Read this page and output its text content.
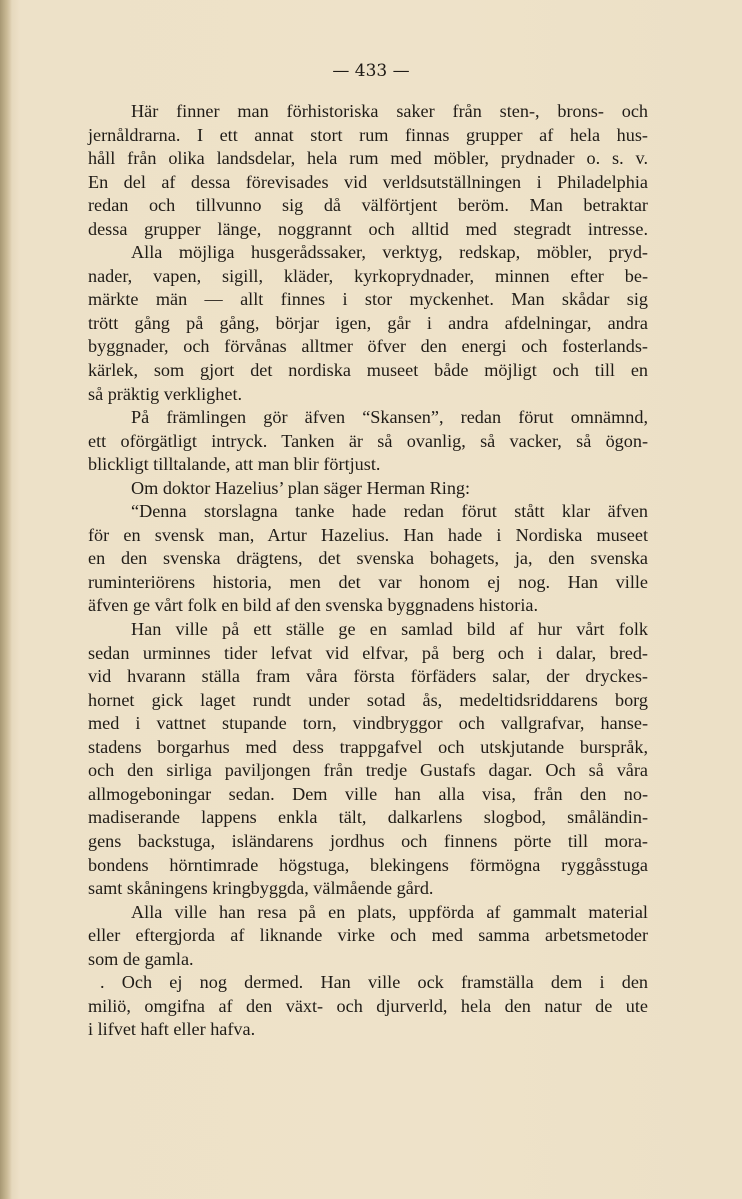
— 433 —
Här finner man förhistoriska saker från sten-, brons- och
jernåldrarna. I ett annat stort rum finnas grupper af hela hus-
håll från olika landsdelar, hela rum med möbler, prydnader o. s. v.
En del af dessa förevisades vid verldsutställningen i Philadelphia
redan och tillvunno sig då välförtjent beröm. Man betraktar
dessa grupper länge, noggrannt och alltid med stegradt intresse.
Alla möjliga husgerådssaker, verktyg, redskap, möbler, pryd-
nader, vapen, sigill, kläder, kyrkoprydnader, minnen efter be-
märkte män — allt finnes i stor myckenhet. Man skådar sig
trött gång på gång, börjar igen, går i andra afdelningar, andra
byggnader, och förvånas alltmer öfver den energi och fosterlands-
kärlek, som gjort det nordiska museet både möjligt och till en
så präktig verklighet.
På främlingen gör äfven “Skansen”, redan förut omnämnd,
ett oförgätligt intryck. Tanken är så ovanlig, så vacker, så ögon-
blickligt tilltalande, att man blir förtjust.
Om doktor Hazelius’ plan säger Herman Ring:
“Denna storslagna tanke hade redan förut stått klar äfven
för en svensk man, Artur Hazelius. Han hade i Nordiska museet
en den svenska drägtens, det svenska bohagets, ja, den svenska
ruminteriörens historia, men det var honom ej nog. Han ville
äfven ge vårt folk en bild af den svenska byggnadens historia.
Han ville på ett ställe ge en samlad bild af hur vårt folk
sedan urminnes tider lefvat vid elfvar, på berg och i dalar, bred-
vid hvarann ställa fram våra första förfäders salar, der dryckes-
hornet gick laget rundt under sotad ås, medeltidsriddarens borg
med i vattnet stupande torn, vindbryggor och vallgrafvar, hanse-
stadens borgarhus med dess trappgafvel och utskjutande burspråk,
och den sirliga paviljongen från tredje Gustafs dagar. Och så våra
allmogeboningar sedan. Dem ville han alla visa, från den no-
madiserande lappens enkla tält, dalkarlens slogbod, småländin-
gens backstuga, isländarens jordhus och finnens pörte till mora-
bondens hörntimrade högstuga, blekingens förmögna ryggåsstuga
samt skåningens kringbyggda, välmående gård.
Alla ville han resa på en plats, uppförda af gammalt material
eller eftergjorda af liknande virke och med samma arbetsmetoder
som de gamla.
. Och ej nog dermed. Han ville ock framställa dem i den
miliö, omgifna af den växt- och djurverld, hela den natur de ute
i lifvet haft eller hafva.
